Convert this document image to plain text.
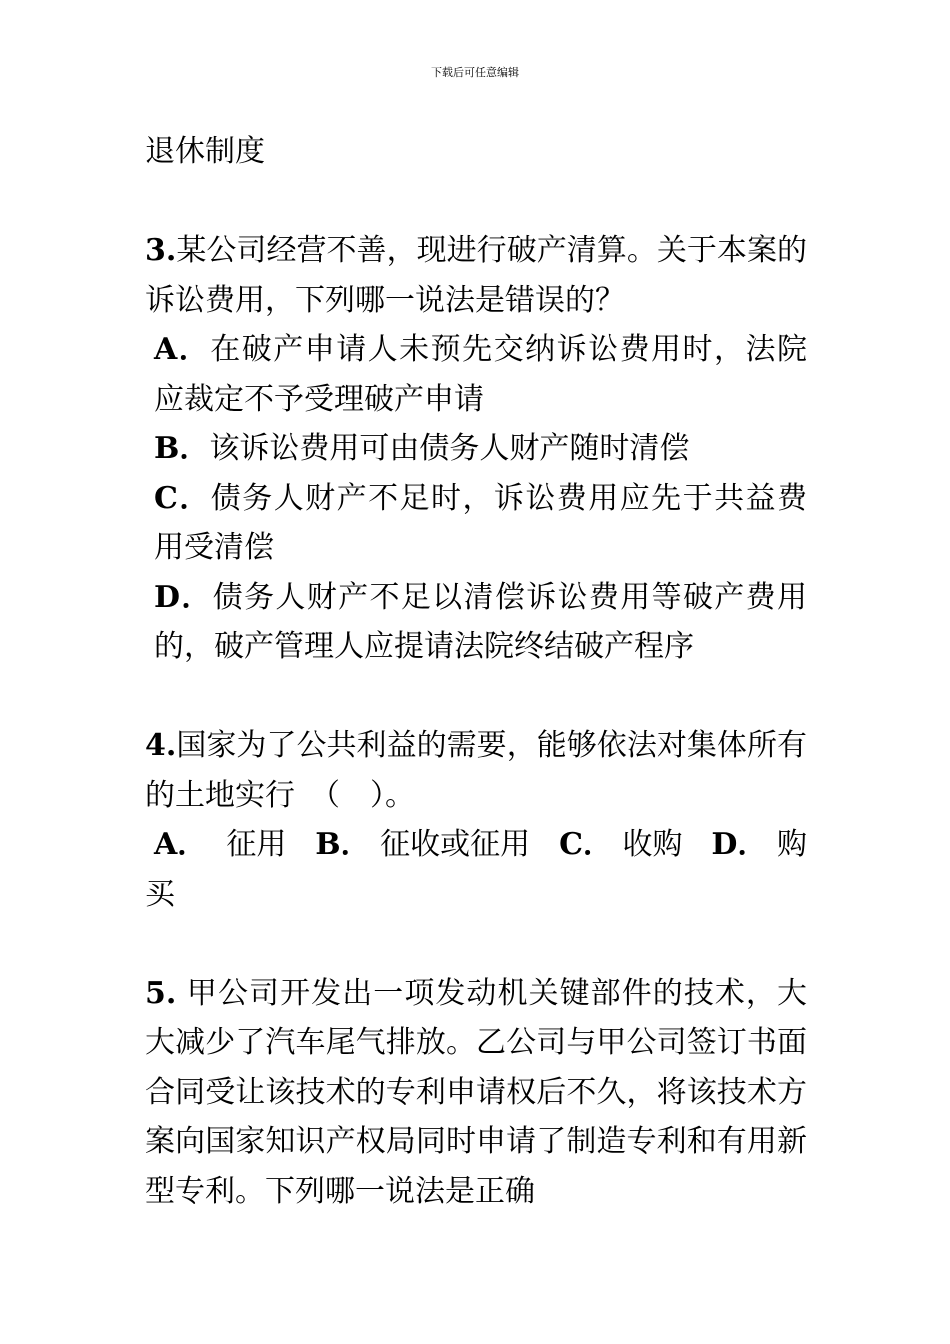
下载后可任意编辑

退休制度

3.某公司经营不善，现进行破产清算。关于本案的诉讼费用，下列哪一说法是错误的？

A．在破产申请人未预先交纳诉讼费用时，法院应裁定不予受理破产申请

B．该诉讼费用可由债务人财产随时清偿

C．债务人财产不足时，诉讼费用应先于共益费用受清偿

D．债务人财产不足以清偿诉讼费用等破产费用的，破产管理人应提请法院终结破产程序

4.国家为了公共利益的需要，能够依法对集体所有的土地实行　（　）。

A． 征用 B． 征收或征用 C． 收购 D． 购

买

5. 甲公司开发出一项发动机关键部件的技术，大大减少了汽车尾气排放。乙公司与甲公司签订书面合同受让该技术的专利申请权后不久，将该技术方案向国家知识产权局同时申请了制造专利和有用新型专利。下列哪一说法是正确
